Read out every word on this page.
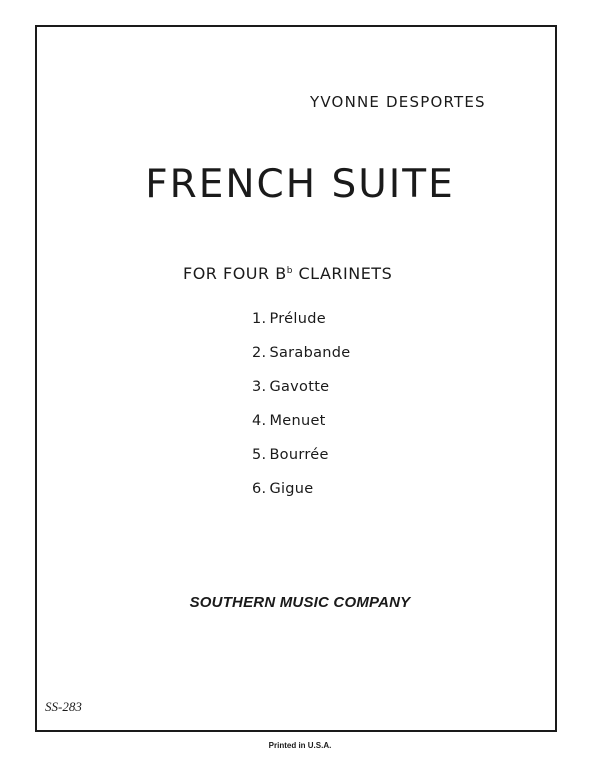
YVONNE DESPORTES
FRENCH SUITE
FOR FOUR $B^b$ CLARINETS
1. Prélude
2. Sarabande
3. Gavotte
4. Menuet
5. Bourrée
6. Gigue
SOUTHERN MUSIC COMPANY
SS-283
Printed in U.S.A.
